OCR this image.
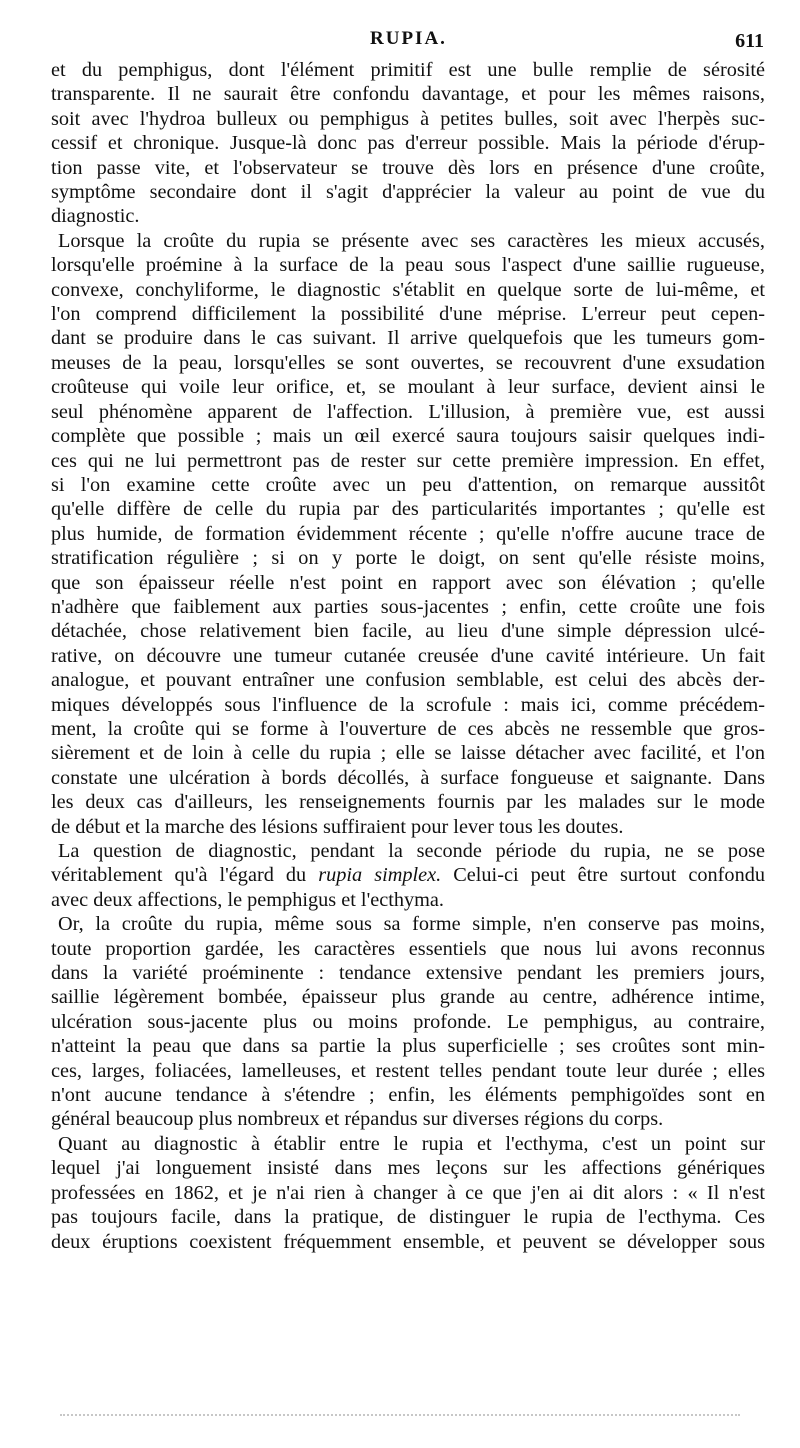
RUPIA.	611
et du pemphigus, dont l'élément primitif est une bulle remplie de sérosité
transparente. Il ne saurait être confondu davantage, et pour les mêmes raisons,
soit avec l'hydroa bulleux ou pemphigus à petites bulles, soit avec l'herpès suc-
cessif et chronique. Jusque-là donc pas d'erreur possible. Mais la période d'érup-
tion passe vite, et l'observateur se trouve dès lors en présence d'une croûte,
symptôme secondaire dont il s'agit d'apprécier la valeur au point de vue du
diagnostic.
Lorsque la croûte du rupia se présente avec ses caractères les mieux accusés,
lorsqu'elle proémine à la surface de la peau sous l'aspect d'une saillie rugueuse,
convexe, conchyliforme, le diagnostic s'établit en quelque sorte de lui-même, et
l'on comprend difficilement la possibilité d'une méprise. L'erreur peut cepen-
dant se produire dans le cas suivant. Il arrive quelquefois que les tumeurs gom-
meuses de la peau, lorsqu'elles se sont ouvertes, se recouvrent d'une exsudation
croûteuse qui voile leur orifice, et, se moulant à leur surface, devient ainsi le
seul phénomène apparent de l'affection. L'illusion, à première vue, est aussi
complète que possible ; mais un œil exercé saura toujours saisir quelques indi-
ces qui ne lui permettront pas de rester sur cette première impression. En effet,
si l'on examine cette croûte avec un peu d'attention, on remarque aussitôt
qu'elle diffère de celle du rupia par des particularités importantes ; qu'elle est
plus humide, de formation évidemment récente ; qu'elle n'offre aucune trace de
stratification régulière ; si on y porte le doigt, on sent qu'elle résiste moins,
que son épaisseur réelle n'est point en rapport avec son élévation ; qu'elle
n'adhère que faiblement aux parties sous-jacentes ; enfin, cette croûte une fois
détachée, chose relativement bien facile, au lieu d'une simple dépression ulcé-
rative, on découvre une tumeur cutanée creusée d'une cavité intérieure. Un fait
analogue, et pouvant entraîner une confusion semblable, est celui des abcès der-
miques développés sous l'influence de la scrofule : mais ici, comme précédem-
ment, la croûte qui se forme à l'ouverture de ces abcès ne ressemble que gros-
sièrement et de loin à celle du rupia ; elle se laisse détacher avec facilité, et l'on
constate une ulcération à bords décollés, à surface fongueuse et saignante. Dans
les deux cas d'ailleurs, les renseignements fournis par les malades sur le mode
de début et la marche des lésions suffiraient pour lever tous les doutes.
La question de diagnostic, pendant la seconde période du rupia, ne se pose
véritablement qu'à l'égard du rupia simplex. Celui-ci peut être surtout confondu
avec deux affections, le pemphigus et l'ecthyma.
Or, la croûte du rupia, même sous sa forme simple, n'en conserve pas moins,
toute proportion gardée, les caractères essentiels que nous lui avons reconnus
dans la variété proéminente : tendance extensive pendant les premiers jours,
saillie légèrement bombée, épaisseur plus grande au centre, adhérence intime,
ulcération sous-jacente plus ou moins profonde. Le pemphigus, au contraire,
n'atteint la peau que dans sa partie la plus superficielle ; ses croûtes sont min-
ces, larges, foliacées, lamelleuses, et restent telles pendant toute leur durée ; elles
n'ont aucune tendance à s'étendre ; enfin, les éléments pemphigoïdes sont en
général beaucoup plus nombreux et répandus sur diverses régions du corps.
Quant au diagnostic à établir entre le rupia et l'ecthyma, c'est un point sur
lequel j'ai longuement insisté dans mes leçons sur les affections génériques
professées en 1862, et je n'ai rien à changer à ce que j'en ai dit alors : « Il n'est
pas toujours facile, dans la pratique, de distinguer le rupia de l'ecthyma. Ces
deux éruptions coexistent fréquemment ensemble, et peuvent se développer sous
